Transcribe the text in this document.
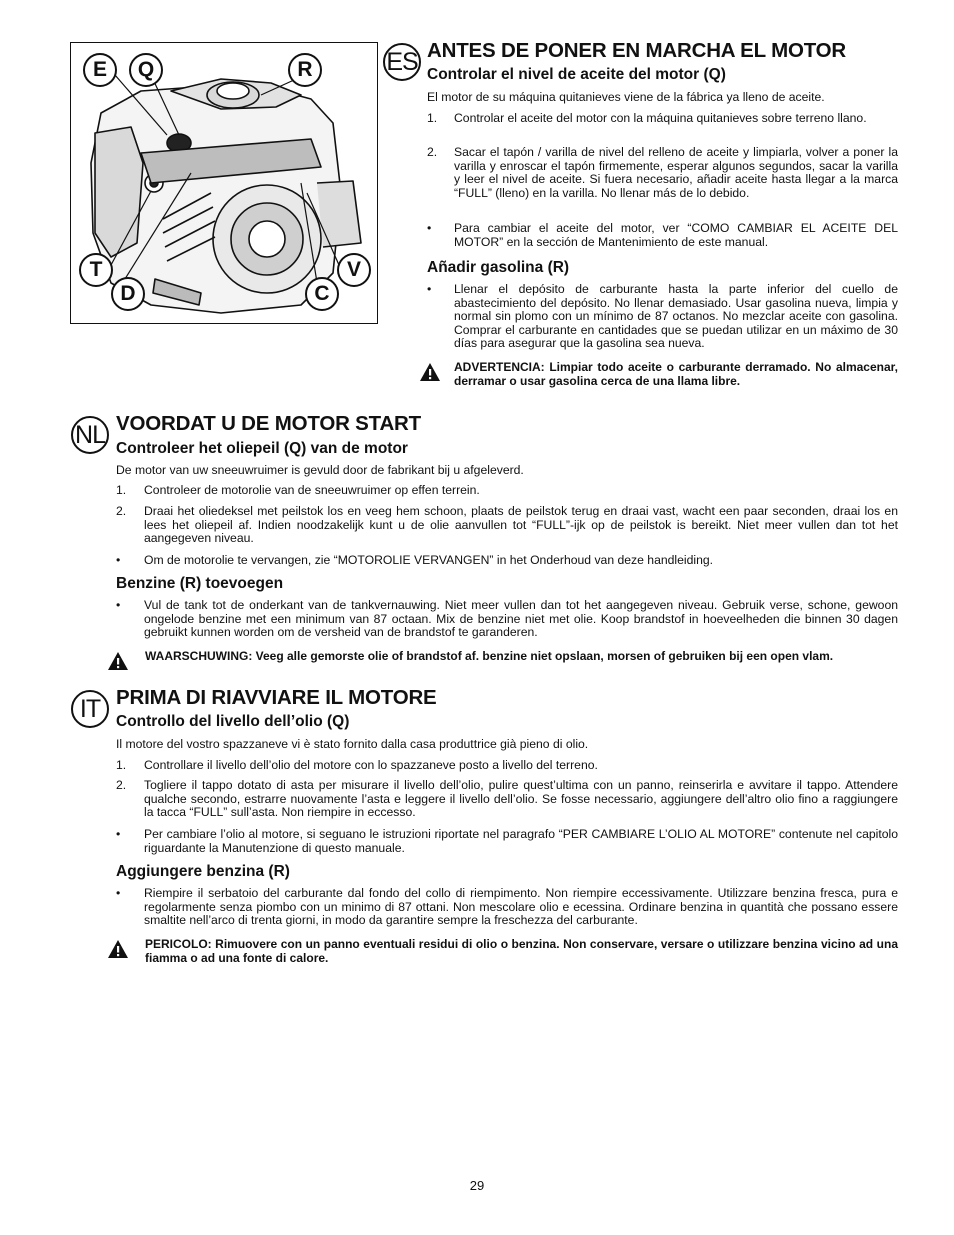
E	Q	R
T	V
D	C
ES ANTES DE PONER EN MARCHA EL MOTOR
Controlar el nivel de aceite del motor (Q)

El motor de su máquina quitanieves viene de la fábrica ya lleno de aceite.

1. Controlar el aceite del motor con la máquina quitanieves sobre terreno llano.
2. Sacar el tapón / varilla de nivel del relleno de aceite y limpiarla, volver a poner la varilla y enroscar el tapón firmemente, esperar algunos segundos, sacar la varilla y leer el nivel de aceite. Si fuera necesario, añadir aceite hasta llegar a la marca “FULL” (lleno) en la varilla. No llenar más de lo debido.
• Para cambiar el aceite del motor, ver “COMO CAMBIAR EL ACEITE DEL MOTOR” en la sección de Mantenimiento de este manual.
Añadir gasolina (R)
• Llenar el depósito de carburante hasta la parte inferior del cuello de abastecimiento del depósito. No llenar demasiado. Usar gasolina nueva, limpia y normal sin plomo con un mínimo de 87 octanos. No mezclar aceite con gasolina. Comprar el carburante en cantidades que se puedan utilizar en un máximo de 30 días para asegurar que la gasolina sea nueva.
ADVERTENCIA: Limpiar todo aceite o carburante derramado. No almacenar, derramar o usar gasolina cerca de una llama libre.
NL VOORDAT U DE MOTOR START
Controleer het oliepeil (Q) van de motor

De motor van uw sneeuwruimer is gevuld door de fabrikant bij u afgeleverd.

1. Controleer de motorolie van de sneeuwruimer op effen terrein.
2. Draai het oliedeksel met peilstok los en veeg hem schoon, plaats de peilstok terug en draai vast, wacht een paar seconden, draai los en lees het oliepeil af. Indien noodzakelijk kunt u de olie aanvullen tot “FULL”-ijk op de peilstok is bereikt. Niet meer vullen dan tot het aangegeven niveau.
• Om de motorolie te vervangen, zie “MOTOROLIE VERVANGEN” in het Onderhoud van deze handleiding.
Benzine (R) toevoegen
• Vul de tank tot de onderkant van de tankvernauwing. Niet meer vullen dan tot het aangegeven niveau. Gebruik verse, schone, gewoon ongelode benzine met een minimum van 87 octaan. Mix de benzine niet met olie. Koop brandstof in hoeveelheden die binnen 30 dagen gebruikt kunnen worden om de versheid van de brandstof te garanderen.
WAARSCHUWING: Veeg alle gemorste olie of brandstof af. benzine niet opslaan, morsen of gebruiken bij een open vlam.
IT PRIMA DI RIAVVIARE IL MOTORE
Controllo del livello dell’olio (Q)

Il motore del vostro spazzaneve vi è stato fornito dalla casa produttrice già pieno di olio.

1. Controllare il livello dell’olio del motore con lo spazzaneve posto a livello del terreno.
2. Togliere il tappo dotato di asta per misurare il livello dell’olio, pulire quest’ultima con un panno, reinserirla e avvitare il tappo. Attendere qualche secondo, estrarre nuovamente l’asta e leggere il livello dell’olio. Se fosse necessario, aggiungere dell’altro olio fino a raggiungere la tacca “FULL” sull’asta. Non riempire in eccesso.
• Per cambiare l’olio al motore, si seguano le istruzioni riportate nel paragrafo “PER CAMBIARE L’OLIO AL MOTORE” contenute nel capitolo riguardante la Manutenzione di questo manuale.
Aggiungere benzina (R)
• Riempire il serbatoio del carburante dal fondo del collo di riempimento. Non riempire eccessivamente. Utilizzare benzina fresca, pura e regolarmente senza piombo con un minimo di 87 ottani. Non mescolare olio e ecessina. Ordinare benzina in quantità che possano essere smaltite nell’arco di trenta giorni, in modo da garantire sempre la freschezza del carburante.
PERICOLO: Rimuovere con un panno eventuali residui di olio o benzina. Non conservare, versare o utilizzare benzina vicino ad una fiamma o ad una fonte di calore.
29
